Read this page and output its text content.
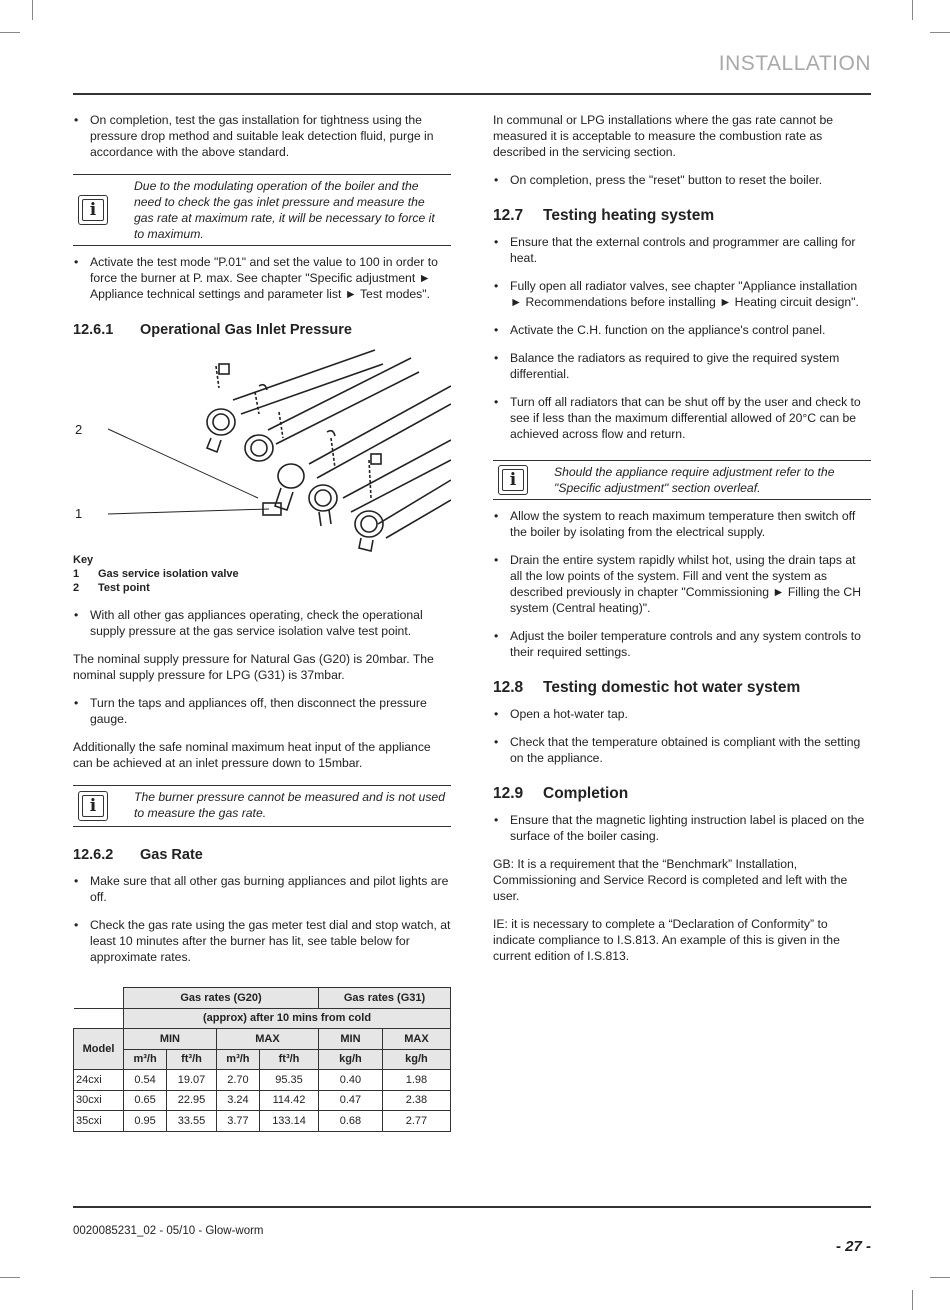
INSTALLATION
• On completion, test the gas installation for tightness using the pressure drop method and suitable leak detection fluid, purge in accordance with the above standard.
i
Due to the modulating operation of the boiler and the need to check the gas inlet pressure and measure the gas rate at maximum rate, it will be necessary to force it to maximum.
• Activate the test mode "P.01" and set the value to 100 in order to force the burner at P. max. See chapter "Specific adjustment ► Appliance technical settings and parameter list ► Test modes".
12.6.1	Operational Gas Inlet Pressure
2
1
Key
1	Gas service isolation valve
2	Test point
• With all other gas appliances operating, check the operational supply pressure at the gas service isolation valve test point.
The nominal supply pressure for Natural Gas (G20) is 20mbar. The nominal supply pressure for LPG (G31) is 37mbar.
• Turn the taps and appliances off, then disconnect the pressure gauge.
Additionally the safe nominal maximum heat input of the appliance can be achieved at an inlet pressure down to 15mbar.
i	The burner pressure cannot be measured and is not used to measure the gas rate.
12.6.2	Gas Rate
• Make sure that all other gas burning appliances and pilot lights are off.
• Check the gas rate using the gas meter test dial and stop watch, at least 10 minutes after the burner has lit, see table below for approximate rates.
	Gas rates (G20)				Gas rates (G31)	
	(approx) after 10 mins from cold					
Model	MIN		MAX		MIN	MAX
	m³/h	ft³/h	m³/h	ft³/h	kg/h	kg/h
24cxi	0.54	19.07	2.70	95.35	0.40	1.98
30cxi	0.65	22.95	3.24	114.42	0.47	2.38
35cxi	0.95	33.55	3.77	133.14	0.68	2.77
In communal or LPG installations where the gas rate cannot be measured it is acceptable to measure the combustion rate as described in the servicing section.
• On completion, press the "reset" button to reset the boiler.
12.7	Testing heating system
• Ensure that the external controls and programmer are calling for heat.
• Fully open all radiator valves, see chapter "Appliance installation ► Recommendations before installing ► Heating circuit design".
• Activate the C.H. function on the appliance's control panel.
• Balance the radiators as required to give the required system differential.
• Turn off all radiators that can be shut off by the user and check to see if less than the maximum differential allowed of 20°C can be achieved across flow and return.
i	Should the appliance require adjustment refer to the "Specific adjustment" section overleaf.
• Allow the system to reach maximum temperature then switch off the boiler by isolating from the electrical supply.
• Drain the entire system rapidly whilst hot, using the drain taps at all the low points of the system. Fill and vent the system as described previously in chapter "Commissioning ► Filling the CH system (Central heating)".
• Adjust the boiler temperature controls and any system controls to their required settings.
12.8	Testing domestic hot water system
• Open a hot-water tap.
• Check that the temperature obtained is compliant with the setting on the appliance.
12.9	Completion
• Ensure that the magnetic lighting instruction label is placed on the surface of the boiler casing.
GB: It is a requirement that the “Benchmark” Installation, Commissioning and Service Record is completed and left with the user.
IE: it is necessary to complete a “Declaration of Conformity” to indicate compliance to I.S.813. An example of this is given in the current edition of I.S.813.
0020085231_02 - 05/10 - Glow-worm
- 27 -
